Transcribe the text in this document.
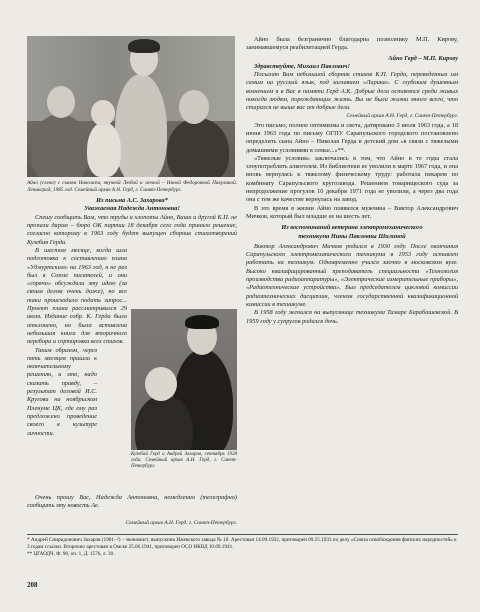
Айно (слева) с сыном Николаем, внучкой Любой и женой – Ниной Федоровной Пакулиной. Ленинград, 1985 год. Семейный архив А.Н. Герд, г. Санкт-Петербург.

Из письма А.С. Захарова*

Уважаемая Надежда Антоновна!

Спешу сообщить Вам, что труды и хлопоты Айно, Ваши и другой К.П. не пропали даром – бюро ОК партии 18 декабря сего года приняло решение, согласно которому в 1963 году будет выпущен сборник стихотворений Кузебая Герда.

В шестом месяце, когда шла подготовка к составлению плана «Удмуртским» на 1963 год, я не раз был в Союзе писателей, и они «горячо» обсуждали эту идею (за своим делом очень даже), но все таки происходило подать запрос... Проект плана рассматривался 29 июля. Издание собр. К. Герда было отклонено, но была вставлена небольшая книга для вторичного перебора и сортировки всех стихов.

Таким образом, через пять месяцев пришла к окончательному решению, и это, надо сказать правду, – результат деловой И.С. Кругова на ноябрьском Пленуме ЦК, где ему раз предложено проведение своего в культуре личности.

Очень прошу Вас, Надежда Антоновна, немедленно (телеграфно) сообщить эту новость Ае.

Семейный архив А.Н. Герд, г. Санкт-Петербург.

Кузебай Герд и Андрей Захаров, сентябрь 1928 года. Семейный архив А.Н. Герд, г. Санкт-Петербург.

Айно была безгранично благодарна позволнику М.П. Кирову, занимавшемуся реабилитацией Герда.

Айно Герд – М.П. Кирову

Здравствуйте, Михаил Павлович!

Посылаю Вам небольшой сборник стихов К.П. Герда, переведенных им самим на русский язык, под заглавием «Лирика». С глубоким душевным волнением я в Вас в памяти Герд А.К. Добрые дела остаются среди живых никогда людям, порождающих жизнь. Вы не были жизни много всего, что старался не выше вас от добрые дела.

Семейный архив А.Н. Герд, г. Санкт-Петербург.

Это письмо, полное оптимизма и света, датировано 3 июля 1963 года, а 18 июня 1963 года по письму ОГПУ Сарапульского городского постановлено определить сына Айно – Николая Герда в детский дом «в связи с тяжелыми домашними условиями в семье...»**.

«Тяжелые условия» заключались в том, что Айно в те годы стала злоупотреблять алкоголем. Из библиотеки ее уволили в марте 1967 года, и она вновь вернулась к тяжелому физическому труду: работала пекарем по комбинату Сарапульского кругозавода. Решением товарищеского суда за непродолжение прогулов 10 декабря 1971 года ее уволили, а через два года она с тем же качестве вернулась на завод.

В это время в жизни Айно появился мужчина – Виктор Александрович Мичков, который был младше ее на шесть лет.

Из воспоминаний ветерана электромеханического техникума Нины Павловны Шилиной

Виктор Александрович Мичков родился в 1930 году. После окончания Сарапульского электромеханического техникума в 1953 году оставлен работать на техникум. Одновременно учился заочно в московском вузе. Высоко квалифицированный преподаватель специальности «Технология производства радиоаппаратуры», «Электрические измерительные приборы», «Радиотехнические устройства». Был председателем цикловой комиссии радиотехнических дисциплин, членом государственной квалификационной комиссии в техникуме.

В 1958 году женился на выпускнице техникума Тамаре Барабашевской. В 1959 году у супругов родился дочь.

* Андрей Спиридонович Захаров (1901–?) – экономист, выпускник Ижевского завода № 10. Арестован 14.09.1932, приговорен 09.25.1933 по делу «Союза освобождения финских народностей» к 3 годам ссылки. Вторично арестован в Омске 25.06.1941, приговорен ОСО НКВД 10.09.1941.
** ЦГАОДЧ, Ф. 96, оп. 1, Д. 1576, л. 30.
208
